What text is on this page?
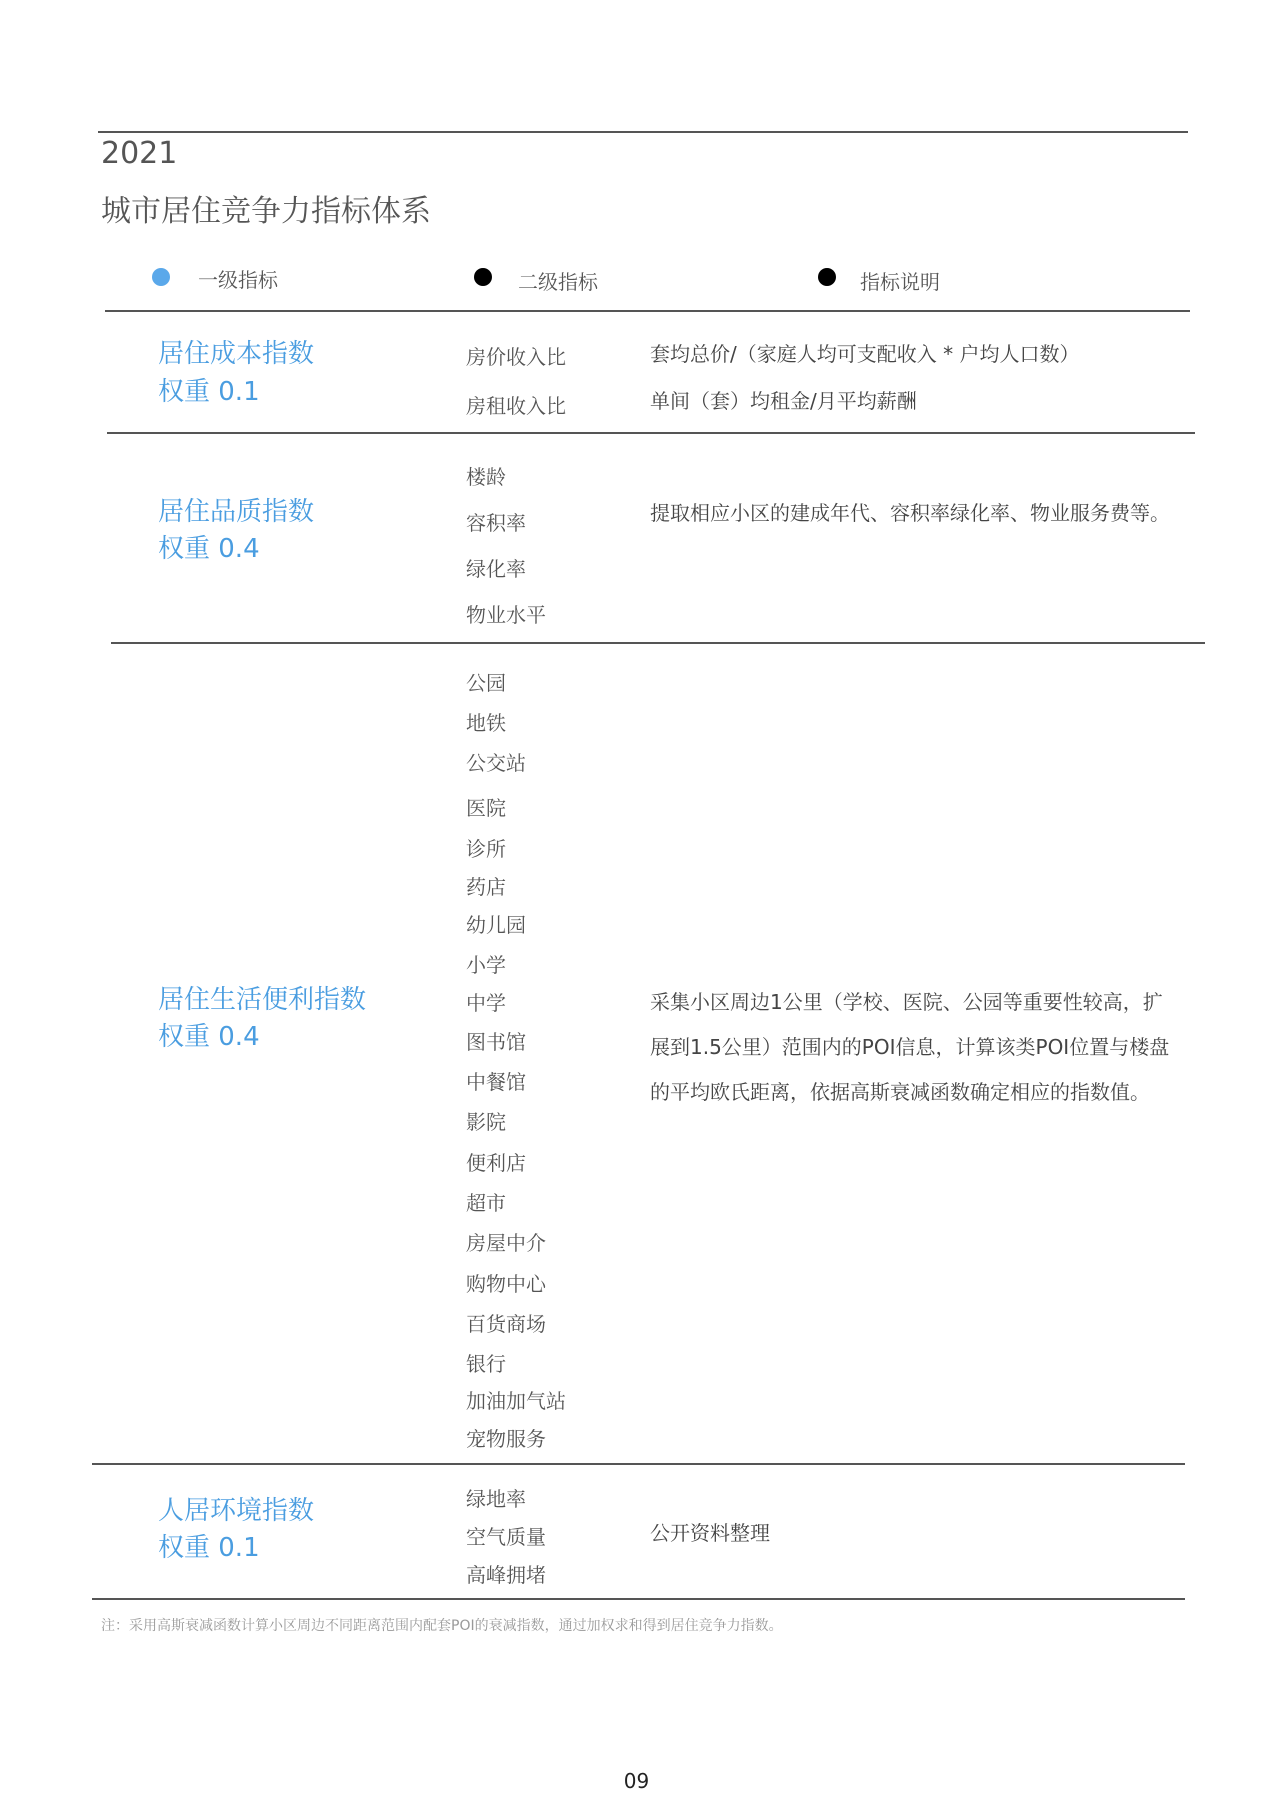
2021
城市居住竞争力指标体系
一级指标	二级指标	指标说明
居住成本指数
权重 0.1
房价收入比
房租收入比
套均总价/（家庭人均可支配收入 * 户均人口数）
单间（套）均租金/月平均薪酬
居住品质指数
权重 0.4
楼龄
容积率
绿化率
物业水平
提取相应小区的建成年代、容积率绿化率、物业服务费等。
居住生活便利指数
权重 0.4
公园
地铁
公交站
医院
诊所
药店
幼儿园
小学
中学
图书馆
中餐馆
影院
便利店
超市
房屋中介
购物中心
百货商场
银行
加油加气站
宠物服务
采集小区周边1公里（学校、医院、公园等重要性较高，扩
展到1.5公里）范围内的POI信息，计算该类POI位置与楼盘
的平均欧氏距离，依据高斯衰减函数确定相应的指数值。
人居环境指数
权重 0.1
绿地率
空气质量
高峰拥堵
公开资料整理
注：采用高斯衰减函数计算小区周边不同距离范围内配套POI的衰减指数，通过加权求和得到居住竞争力指数。
09
